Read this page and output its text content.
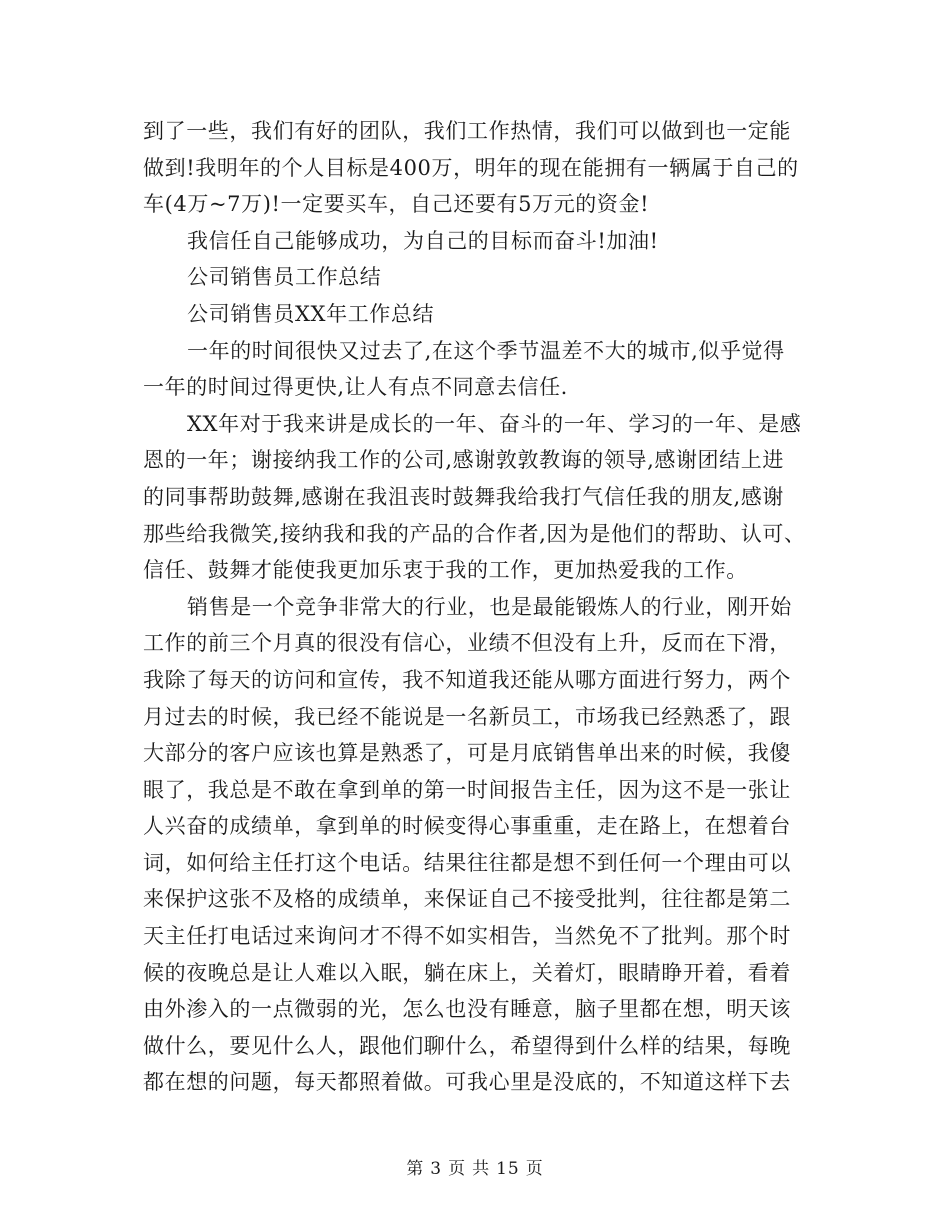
到了一些，我们有好的团队，我们工作热情，我们可以做到也一定能
做到!我明年的个人目标是400万，明年的现在能拥有一辆属于自己的
车(4万~7万)!一定要买车，自己还要有5万元的资金!
我信任自己能够成功，为自己的目标而奋斗!加油!
公司销售员工作总结
公司销售员XX年工作总结
一年的时间很快又过去了,在这个季节温差不大的城市,似乎觉得
一年的时间过得更快,让人有点不同意去信任.
XX年对于我来讲是成长的一年、奋斗的一年、学习的一年、是感
恩的一年；谢接纳我工作的公司,感谢敦敦教诲的领导,感谢团结上进
的同事帮助鼓舞,感谢在我沮丧时鼓舞我给我打气信任我的朋友,感谢
那些给我微笑,接纳我和我的产品的合作者,因为是他们的帮助、认可、
信任、鼓舞才能使我更加乐衷于我的工作，更加热爱我的工作。
销售是一个竞争非常大的行业，也是最能锻炼人的行业，刚开始
工作的前三个月真的很没有信心，业绩不但没有上升，反而在下滑，
我除了每天的访问和宣传，我不知道我还能从哪方面进行努力，两个
月过去的时候，我已经不能说是一名新员工，市场我已经熟悉了，跟
大部分的客户应该也算是熟悉了，可是月底销售单出来的时候，我傻
眼了，我总是不敢在拿到单的第一时间报告主任，因为这不是一张让
人兴奋的成绩单，拿到单的时候变得心事重重，走在路上，在想着台
词，如何给主任打这个电话。结果往往都是想不到任何一个理由可以
来保护这张不及格的成绩单，来保证自己不接受批判，往往都是第二
天主任打电话过来询问才不得不如实相告，当然免不了批判。那个时
候的夜晚总是让人难以入眠，躺在床上，关着灯，眼睛睁开着，看着
由外渗入的一点微弱的光，怎么也没有睡意，脑子里都在想，明天该
做什么，要见什么人，跟他们聊什么，希望得到什么样的结果，每晚
都在想的问题，每天都照着做。可我心里是没底的，不知道这样下去
第 3 页 共 15 页
